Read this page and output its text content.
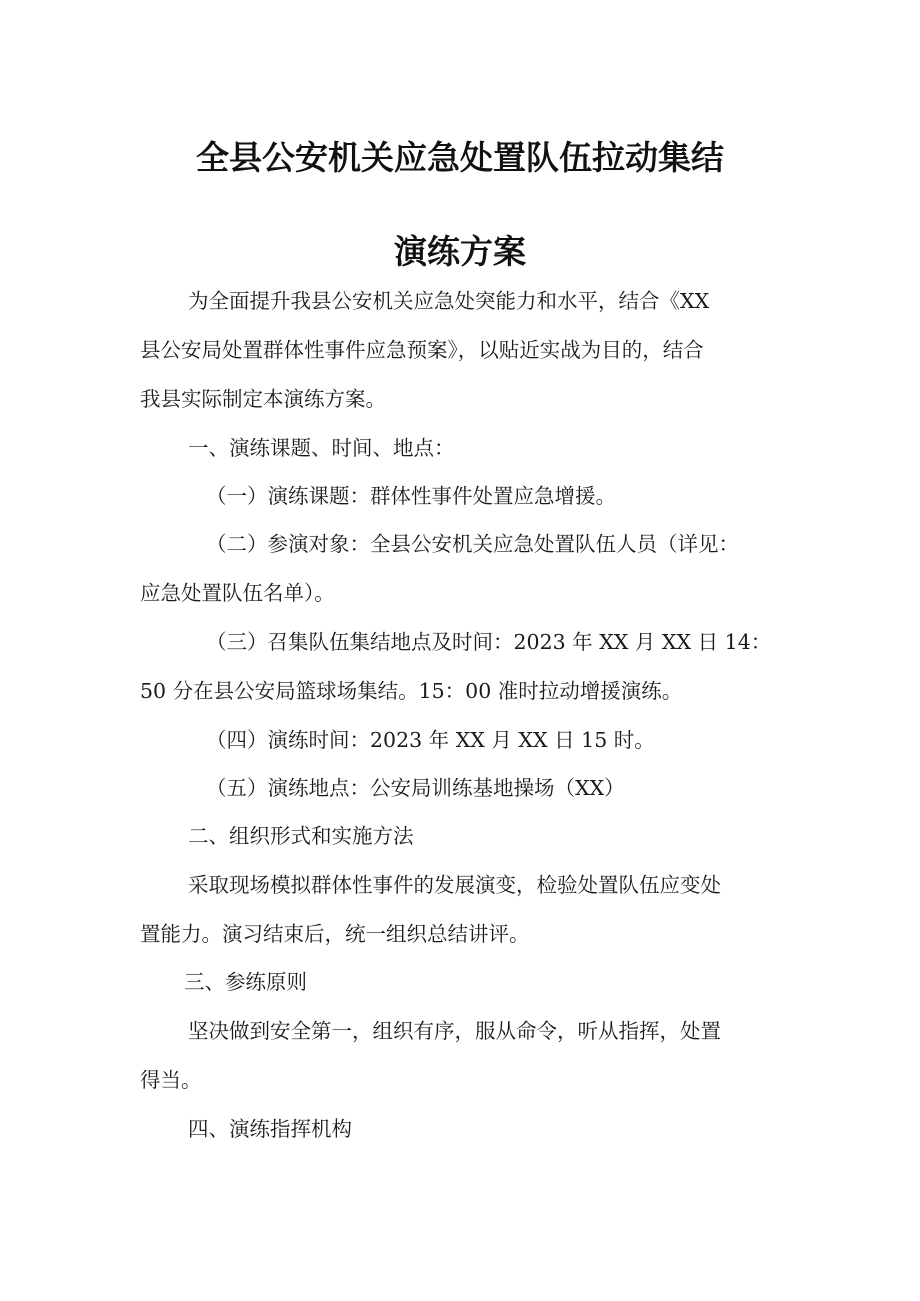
全县公安机关应急处置队伍拉动集结
演练方案
为全面提升我县公安机关应急处突能力和水平，结合《XX
县公安局处置群体性事件应急预案》，以贴近实战为目的，结合
我县实际制定本演练方案。
一、演练课题、时间、地点：
（一）演练课题：群体性事件处置应急增援。
（二）参演对象：全县公安机关应急处置队伍人员（详见：
应急处置队伍名单）。
（三）召集队伍集结地点及时间：2023 年 XX 月 XX 日 14：
50 分在县公安局篮球场集结。15：00 准时拉动增援演练。
（四）演练时间：2023 年 XX 月 XX 日 15 时。
（五）演练地点：公安局训练基地操场（XX）
二、组织形式和实施方法
采取现场模拟群体性事件的发展演变，检验处置队伍应变处
置能力。演习结束后，统一组织总结讲评。
三、参练原则
坚决做到安全第一，组织有序，服从命令，听从指挥，处置
得当。
四、演练指挥机构
